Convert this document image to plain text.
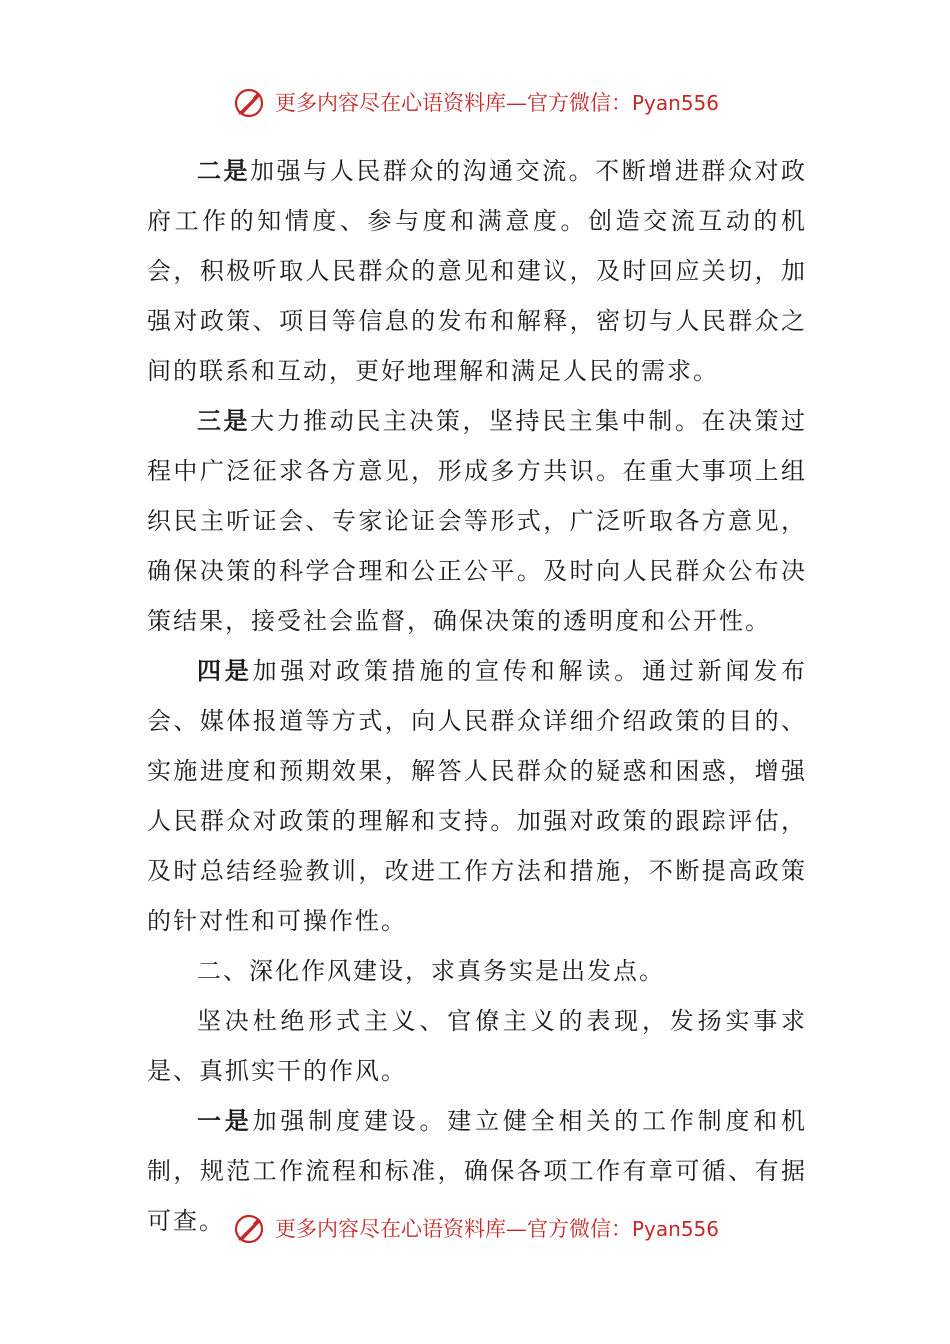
更多内容尽在心语资料库—官方微信：Pyan556

二是加强与人民群众的沟通交流。不断增进群众对政府工作的知情度、参与度和满意度。创造交流互动的机会，积极听取人民群众的意见和建议，及时回应关切，加强对政策、项目等信息的发布和解释，密切与人民群众之间的联系和互动，更好地理解和满足人民的需求。

三是大力推动民主决策，坚持民主集中制。在决策过程中广泛征求各方意见，形成多方共识。在重大事项上组织民主听证会、专家论证会等形式，广泛听取各方意见，确保决策的科学合理和公正公平。及时向人民群众公布决策结果，接受社会监督，确保决策的透明度和公开性。

四是加强对政策措施的宣传和解读。通过新闻发布会、媒体报道等方式，向人民群众详细介绍政策的目的、实施进度和预期效果，解答人民群众的疑惑和困惑，增强人民群众对政策的理解和支持。加强对政策的跟踪评估，及时总结经验教训，改进工作方法和措施，不断提高政策的针对性和可操作性。

二、深化作风建设，求真务实是出发点。

坚决杜绝形式主义、官僚主义的表现，发扬实事求是、真抓实干的作风。

一是加强制度建设。建立健全相关的工作制度和机制，规范工作流程和标准，确保各项工作有章可循、有据可查。	更多内容尽在心语资料库—官方微信：Pyan556
